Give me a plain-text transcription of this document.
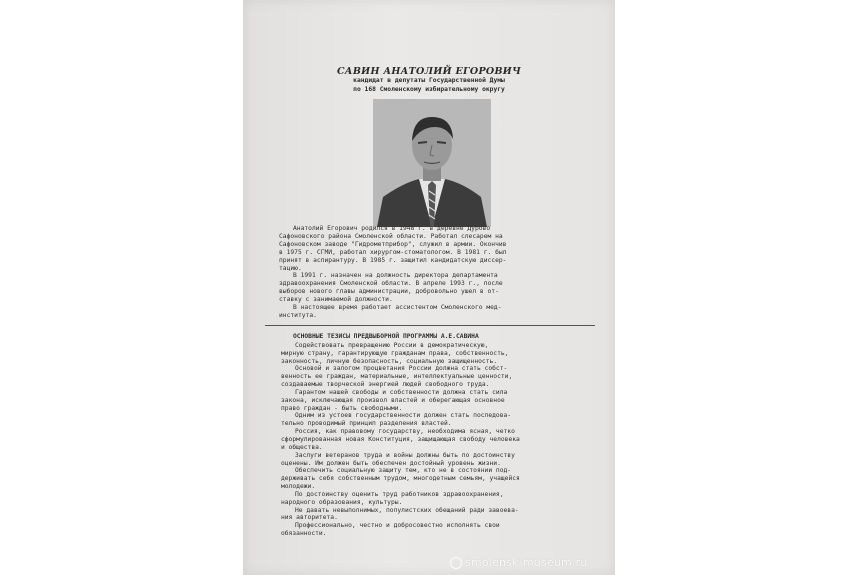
САВИН АНАТОЛИЙ ЕГОРОВИЧ
кандидат в депутаты Государственной Думы
по 168 Смоленскому избирательному округу

Анатолий Егорович родился в 1948 г. в деревне Дурово
Сафоновского района Смоленской области. Работал слесарем на
Сафоновском заводе "Гидрометприбор", служил в армии. Окончив
в 1975 г. СГМИ, работал хирургом-стоматологом. В 1981 г. был
принят в аспирантуру. В 1985 г. защитил кандидатскую диссер-
тацию.

В 1991 г. назначен на должность директора департамента
здравоохранения Смоленской области. В апреле 1993 г., после
выборов нового главы администрации, добровольно ушел в от-
ставку с занимаемой должности.

В настоящее время работает ассистентом Смоленского мед-
института.

ОСНОВНЫЕ ТЕЗИСЫ ПРЕДВЫБОРНОЙ ПРОГРАММЫ А.Е.САВИНА

Содействовать превращению России в демократическую,
мирную страну, гарантирующую гражданам права, собственность,
законность, личную безопасность, социальную защищенность.

Основой и залогом процветания России должна стать собст-
венность ее граждан, материальные, интеллектуальные ценности,
создаваемые творческой энергией людей свободного труда.

Гарантом нашей свободы и собственности должна стать сила
закона, исключающая произвол властей и оберегающая основное
право граждан - быть свободными.

Одним из устоев государственности должен стать последова-
тельно проводимый принцип разделения властей.

Россия, как правовому государству, необходима ясная, четко
сформулированная новая Конституция, защищающая свободу человека
и общества.

Заслуги ветеранов труда и войны должны быть по достоинству
оценены. Им должен быть обеспечен достойный уровень жизни.

Обеспечить социальную защиту тем, кто не в состоянии под-
держивать себя собственным трудом, многодетным семьям, учащейся
молодежи.

По достоинству оценить труд работников здравоохранения,
народного образования, культуры.

Не давать невыполнимых, популистских обещаний ради завоева-
ния авторитета.

Профессионально, честно и добросовестно исполнять свои
обязанности.

© smolensk-museum.ru
